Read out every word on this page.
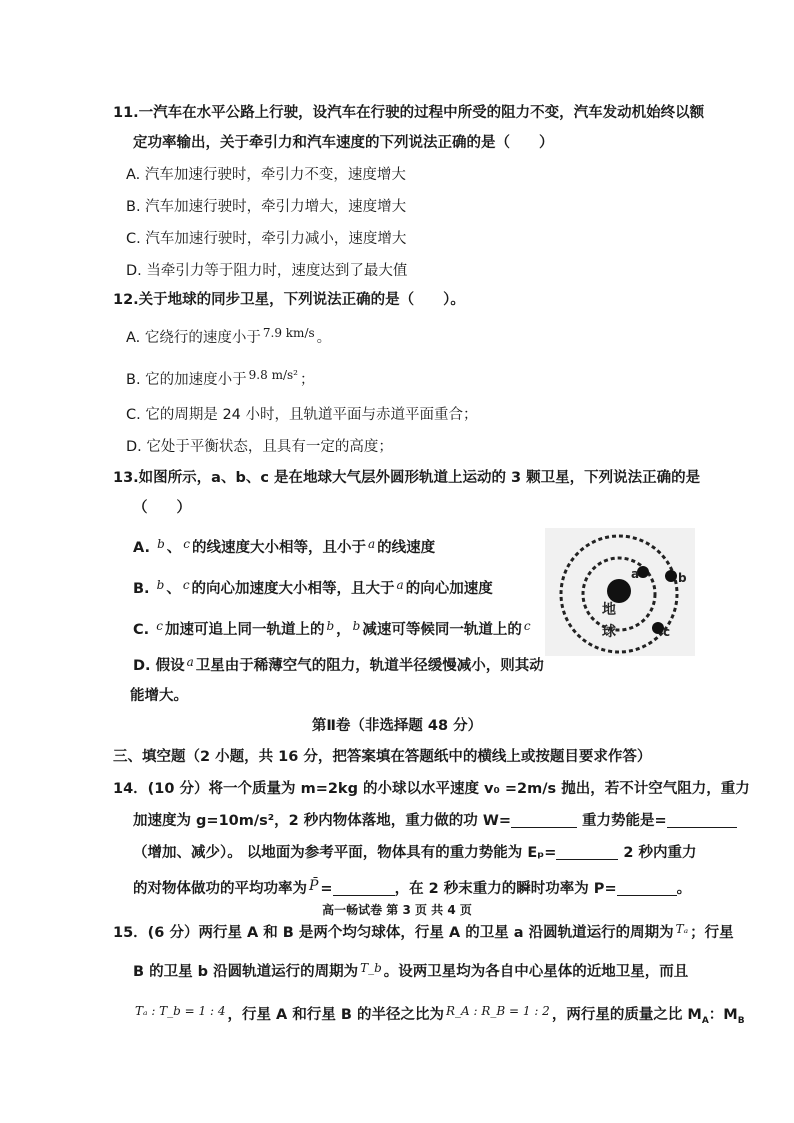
11.一汽车在水平公路上行驶，设汽车在行驶的过程中所受的阻力不变，汽车发动机始终以额
定功率输出，关于牵引力和汽车速度的下列说法正确的是（　　）
A. 汽车加速行驶时，牵引力不变，速度增大
B. 汽车加速行驶时，牵引力增大，速度增大
C. 汽车加速行驶时，牵引力减小，速度增大
D. 当牵引力等于阻力时，速度达到了最大值
12.关于地球的同步卫星，下列说法正确的是（　　）。
A. 它绕行的速度小于 $^{7.9 km/s}$ 。
B. 它的加速度小于 $^{9.8 m/s^2}$ ；
C. 它的周期是 24 小时，且轨道平面与赤道平面重合；
D. 它处于平衡状态，且具有一定的高度；
13.如图所示，a、b、c 是在地球大气层外圆形轨道上运动的 3 颗卫星，下列说法正确的是
（　　）
A. $^b$ 、 $^c$ 的线速度大小相等，且小于 $^a$ 的线速度
B. $^b$ 、 $^c$ 的向心加速度大小相等，且大于 $^a$ 的向心加速度
C. $^c$ 加速可追上同一轨道上的 $^b$ ， $^b$ 减速可等候同一轨道上的 $^c$
D. 假设 $^a$ 卫星由于稀薄空气的阻力，轨道半径缓慢减小，则其动
能增大。
地
球
a	b
c
第Ⅱ卷（非选择题 48 分）
三、填空题（2 小题，共 16 分，把答案填在答题纸中的横线上或按题目要求作答）
14．(10 分）将一个质量为 m=2kg 的小球以水平速度 v₀ =2m/s 抛出，若不计空气阻力，重力
加速度为 g=10m/s²，2 秒内物体落地，重力做的功 W=	重力势能是=
（增加、减少）。 以地面为参考平面，物体具有的重力势能为 Eₚ=	2 秒内重力
的对物体做功的平均功率为 P̄ =	，在 2 秒末重力的瞬时功率为 P=	。
高一畅试卷 第 3 页 共 4 页
15．(6 分）两行星 A 和 B 是两个均匀球体，行星 A 的卫星 a 沿圆轨道运行的周期为 $^{T_a}$ ；行星
B 的卫星 b 沿圆轨道运行的周期为 $^{T\_b}$ 。设两卫星均为各自中心星体的近地卫星，而且
$^{T_a : T\_b = 1 : 4}$ ，行星 A 和行星 B 的半径之比为 $^{R\_A : R\_B = 1 : 2}$ ，两行星的质量之比 $M_A$：$M_B$
